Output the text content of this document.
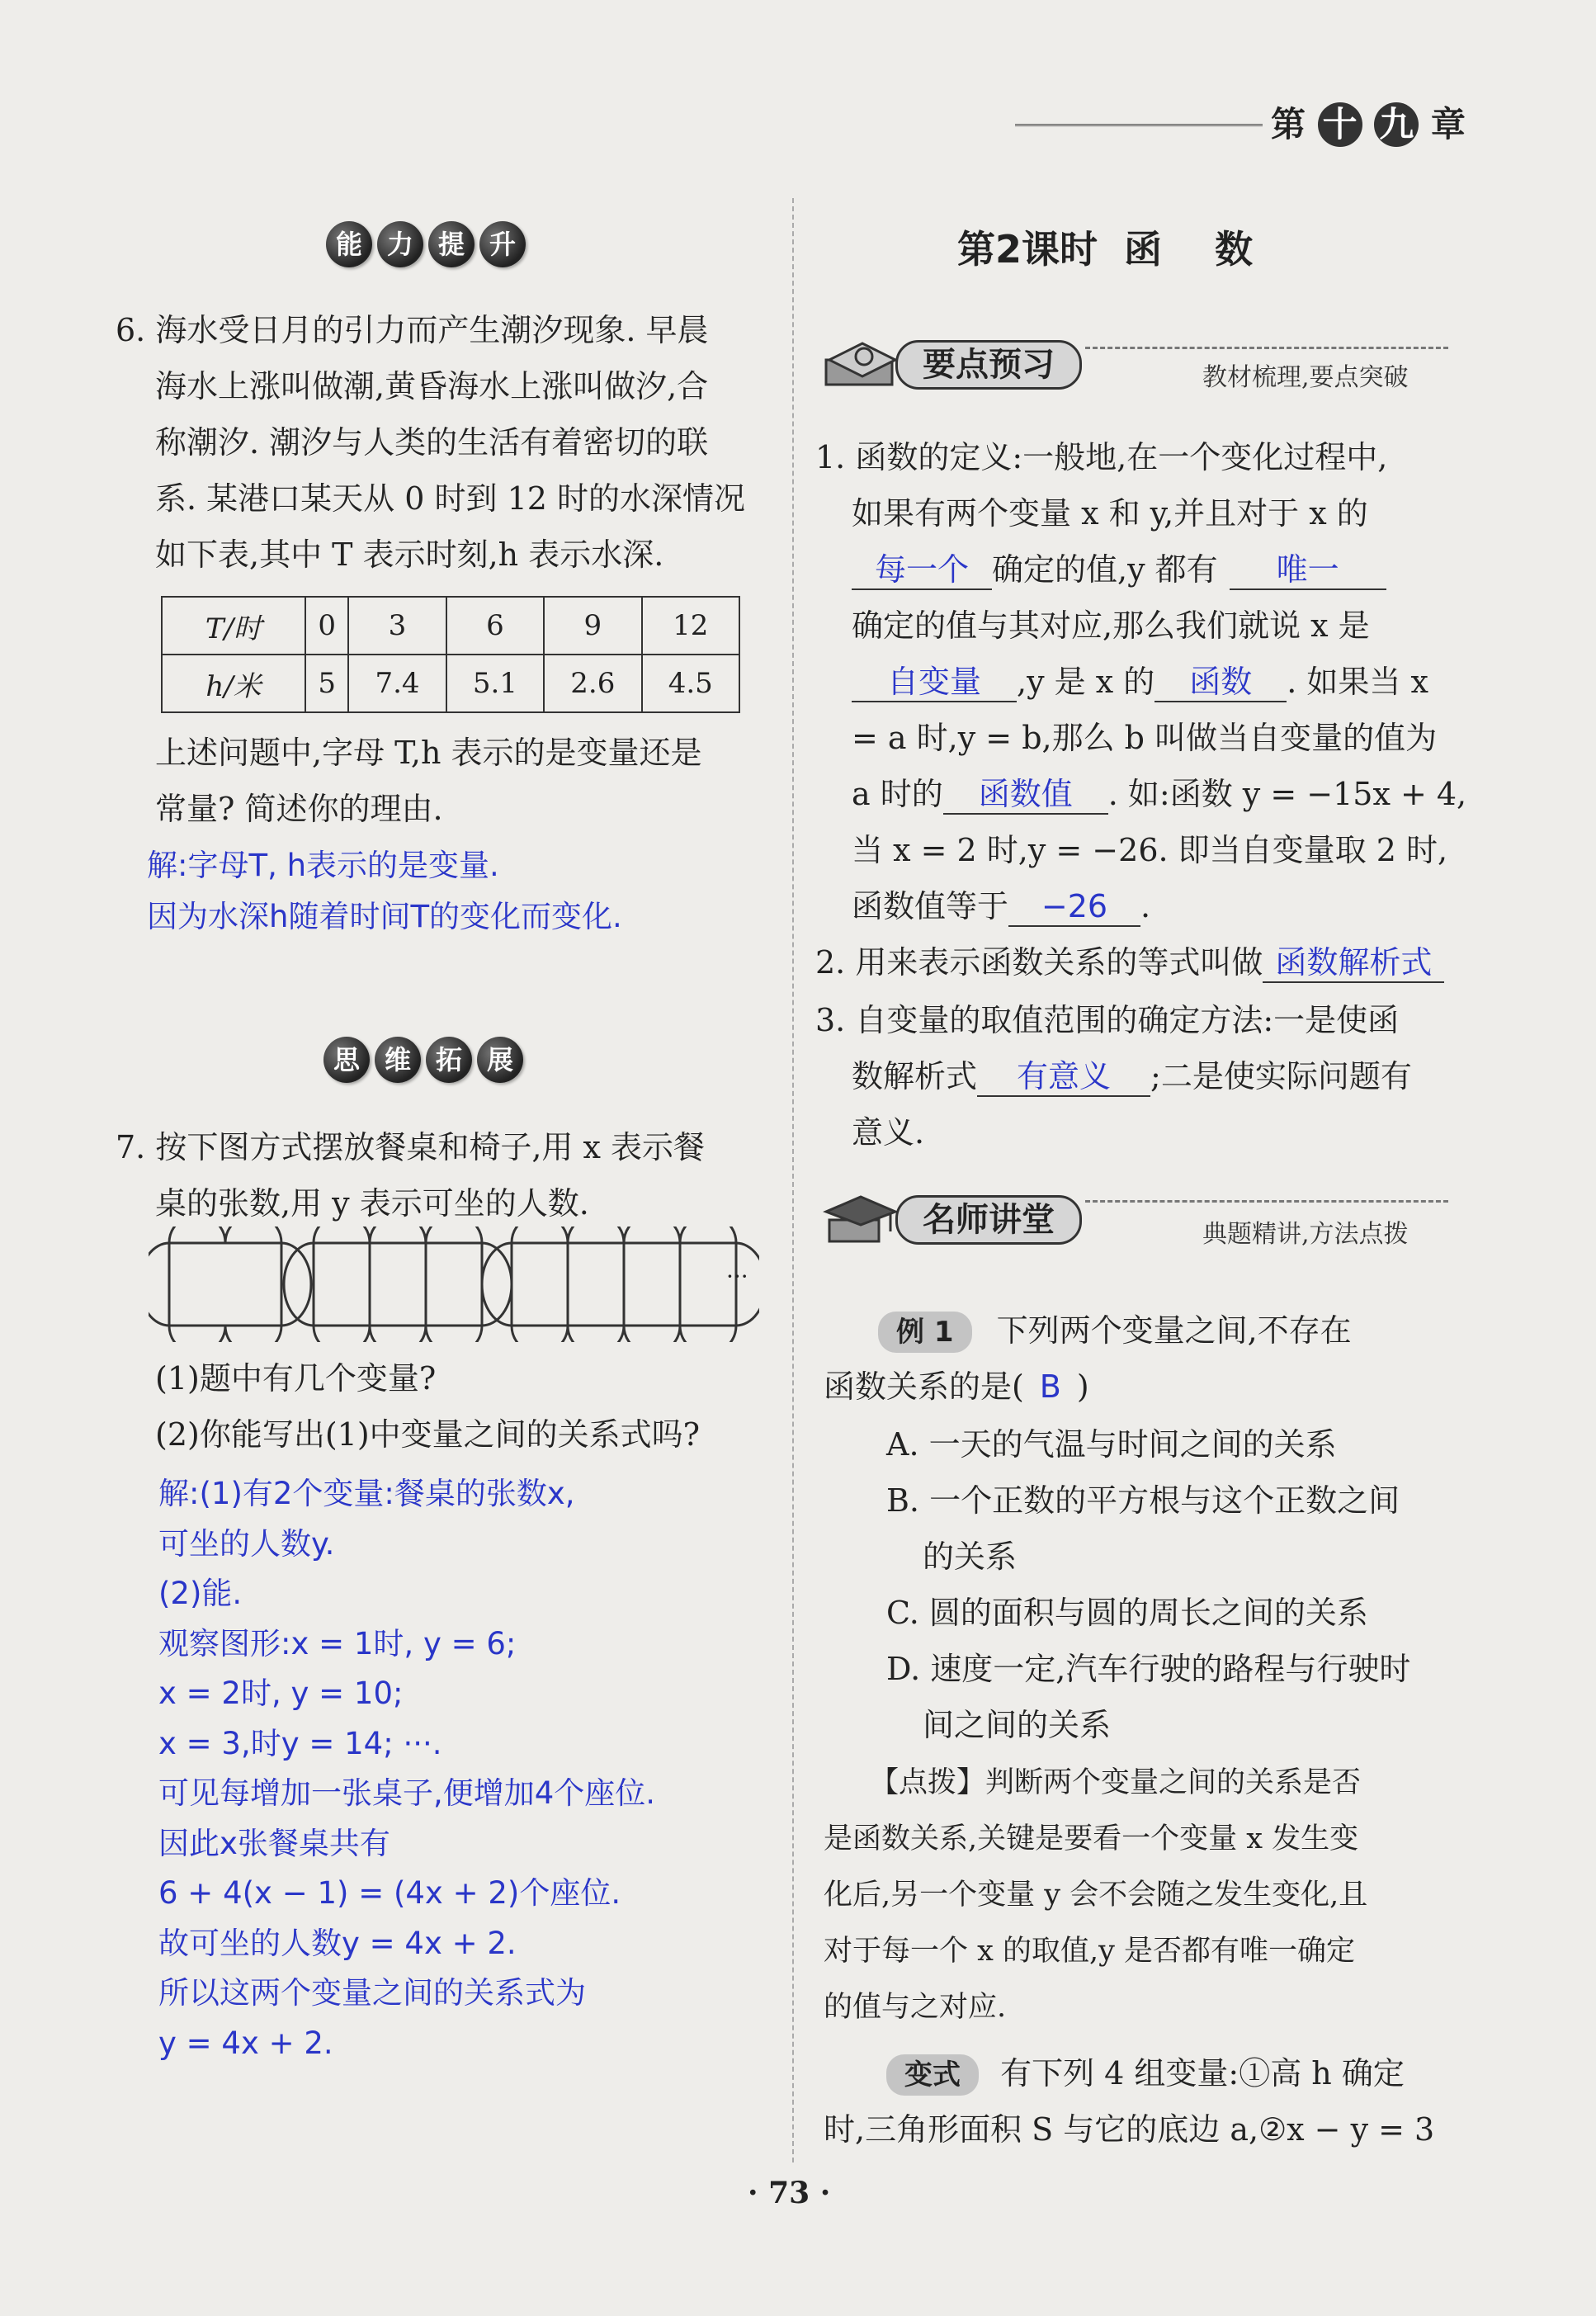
第 十 九 章
能 力 提 升
6. 海水受日月的引力而产生潮汐现象. 早晨
海水上涨叫做潮,黄昏海水上涨叫做汐,合
称潮汐. 潮汐与人类的生活有着密切的联
系. 某港口某天从 0 时到 12 时的水深情况
如下表,其中 T 表示时刻,h 表示水深.
T/时	0	3	6	9	12
h/米	5	7.4	5.1	2.6	4.5
上述问题中,字母 T,h 表示的是变量还是
常量? 简述你的理由.
解:字母T, h表示的是变量.
因为水深h随着时间T的变化而变化.
思 维 拓 展
7. 按下图方式摆放餐桌和椅子,用 x 表示餐
桌的张数,用 y 表示可坐的人数.
···
(1)题中有几个变量?
(2)你能写出(1)中变量之间的关系式吗?
解:(1)有2个变量:餐桌的张数x,
可坐的人数y.
(2)能.
观察图形:x = 1时, y = 6;
x = 2时, y = 10;
x = 3,时y = 14; ···.
可见每增加一张桌子,便增加4个座位.
因此x张餐桌共有
6 + 4(x − 1) = (4x + 2)个座位.
故可坐的人数y = 4x + 2.
所以这两个变量之间的关系式为
y = 4x + 2.
第2课时  函    数
要点预习	教材梳理,要点突破
1. 函数的定义:一般地,在一个变化过程中,
如果有两个变量 x 和 y,并且对于 x 的
每一个 确定的值,y 都有 唯一
确定的值与其对应,那么我们就说 x 是
自变量 ,y 是 x 的 函数 . 如果当 x
= a 时,y = b,那么 b 叫做当自变量的值为
a 时的 函数值 . 如:函数 y = −15x + 4,
当 x = 2 时,y = −26. 即当自变量取 2 时,
函数值等于 −26 .
2. 用来表示函数关系的等式叫做 函数解析式
3. 自变量的取值范围的确定方法:一是使函
数解析式 有意义 ;二是使实际问题有
意义.
名师讲堂	典题精讲,方法点拨
例 1 下列两个变量之间,不存在
函数关系的是( B )
A. 一天的气温与时间之间的关系
B. 一个正数的平方根与这个正数之间
的关系
C. 圆的面积与圆的周长之间的关系
D. 速度一定,汽车行驶的路程与行驶时
间之间的关系
【点拨】判断两个变量之间的关系是否
是函数关系,关键是要看一个变量 x 发生变
化后,另一个变量 y 会不会随之发生变化,且
对于每一个 x 的取值,y 是否都有唯一确定
的值与之对应.
变式 有下列 4 组变量:①高 h 确定
时,三角形面积 S 与它的底边 a,②x − y = 3
· 73 ·
